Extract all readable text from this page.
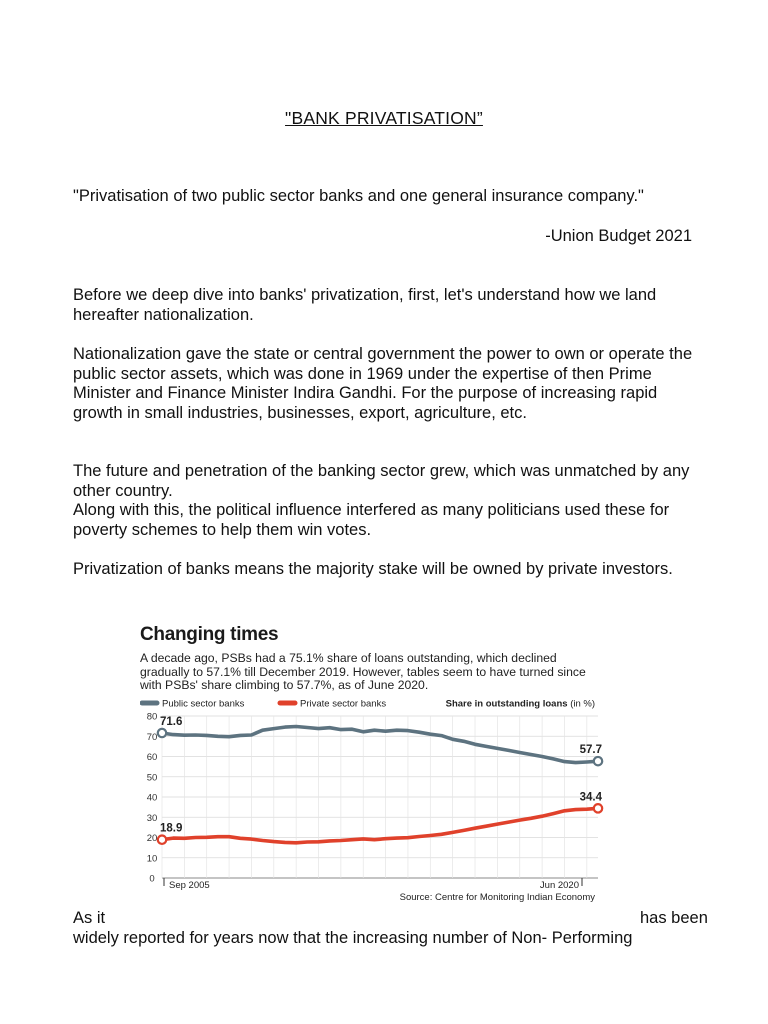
"BANK PRIVATISATION”

"Privatisation of two public sector banks and one general insurance company."

-Union Budget 2021

Before we deep dive into banks' privatization, first, let's understand how we land hereafter nationalization.

Nationalization gave the state or central government the power to own or operate the public sector assets, which was done in 1969 under the expertise of then Prime Minister and Finance Minister Indira Gandhi. For the purpose of increasing rapid growth in small industries, businesses, export, agriculture, etc.

The future and penetration of the banking sector grew, which was unmatched by any other country.

Along with this, the political influence interfered as many politicians used these for poverty schemes to help them win votes.

Privatization of banks means the majority stake will be owned by private investors.

Changing times
A decade ago, PSBs had a 75.1% share of loans outstanding, which declined gradually to 57.1% till December 2019. However, tables seem to have turned since with PSBs' share climbing to 57.7%, as of June 2020.
Public sector banks	Private sector banks	Share in outstanding loans (in %)
0
10
20
30
40
50
60
70
80
Sep 2005	Jun 2020
71.6
57.7
18.9
34.4
Source: Centre for Monitoring Indian Economy
As it	has been
widely reported for years now that the increasing number of Non- Performing
